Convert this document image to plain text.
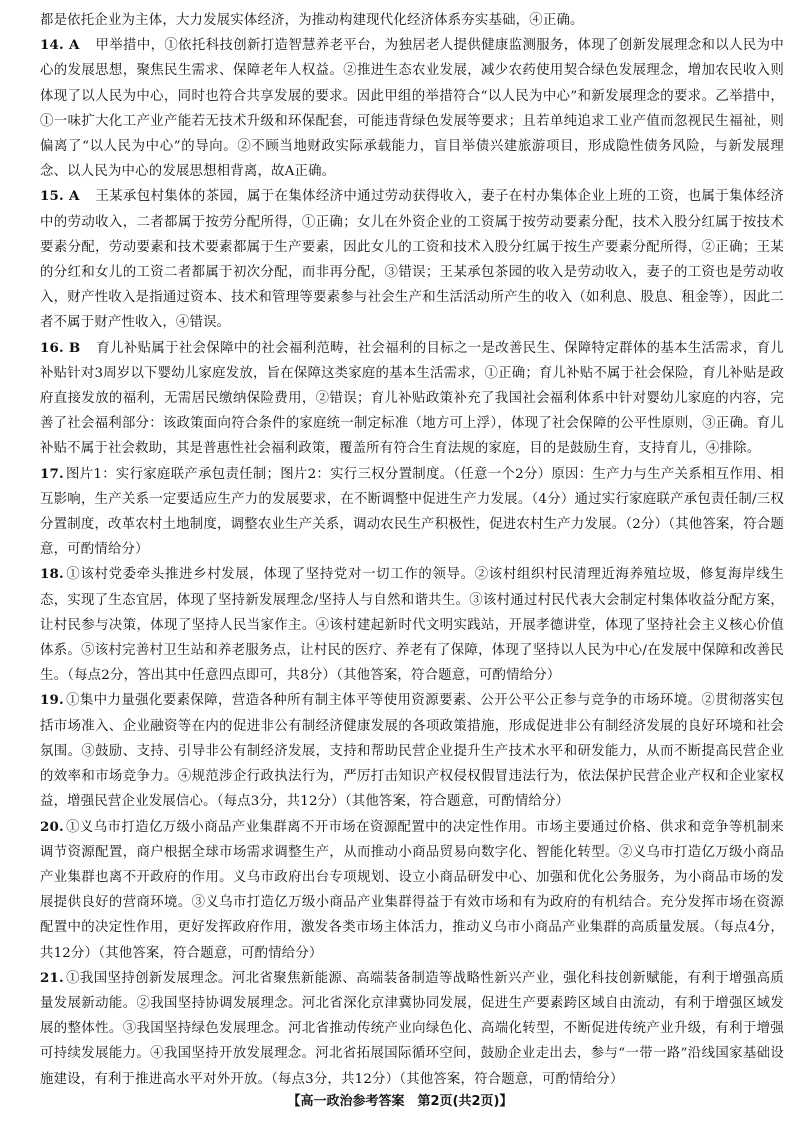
都是依托企业为主体，大力发展实体经济，为推动构建现代化经济体系夯实基础，④正确。

14. A　 甲举措中，①依托科技创新打造智慧养老平台，为独居老人提供健康监测服务，体现了创新发展理念和以人民为中心的发展思想，聚焦民生需求、保障老年人权益。②推进生态农业发展，减少农药使用契合绿色发展理念，增加农民收入则体现了以人民为中心，同时也符合共享发展的要求。因此甲组的举措符合“以人民为中心”和新发展理念的要求。乙举措中，①一味扩大化工产业产能若无技术升级和环保配套，可能违背绿色发展等要求；且若单纯追求工业产值而忽视民生福祉，则偏离了“以人民为中心”的导向。②不顾当地财政实际承载能力，盲目举债兴建旅游项目，形成隐性债务风险，与新发展理念、以人民为中心的发展思想相背离，故A正确。

15. A　 王某承包村集体的茶园，属于在集体经济中通过劳动获得收入，妻子在村办集体企业上班的工资，也属于集体经济中的劳动收入，二者都属于按劳分配所得，①正确；女儿在外资企业的工资属于按劳动要素分配，技术入股分红属于按技术要素分配，劳动要素和技术要素都属于生产要素，因此女儿的工资和技术入股分红属于按生产要素分配所得，②正确；王某的分红和女儿的工资二者都属于初次分配，而非再分配，③错误；王某承包茶园的收入是劳动收入，妻子的工资也是劳动收入，财产性收入是指通过资本、技术和管理等要素参与社会生产和生活活动所产生的收入（如利息、股息、租金等），因此二者不属于财产性收入，④错误。

16. B　 育儿补贴属于社会保障中的社会福利范畴，社会福利的目标之一是改善民生、保障特定群体的基本生活需求，育儿补贴针对3周岁以下婴幼儿家庭发放，旨在保障这类家庭的基本生活需求，①正确；育儿补贴不属于社会保险，育儿补贴是政府直接发放的福利，无需居民缴纳保险费用，②错误；育儿补贴政策补充了我国社会福利体系中针对婴幼儿家庭的内容，完善了社会福利部分：该政策面向符合条件的家庭统一制定标准（地方可上浮），体现了社会保障的公平性原则，③正确。育儿补贴不属于社会救助，其是普惠性社会福利政策，覆盖所有符合生育法规的家庭，目的是鼓励生育，支持育儿，④排除。

17. 图片1：实行家庭联产承包责任制；图片2：实行三权分置制度。（任意一个2分）原因：生产力与生产关系相互作用、相互影响，生产关系一定要适应生产力的发展要求，在不断调整中促进生产力发展。（4分）通过实行家庭联产承包责任制/三权分置制度，改革农村土地制度，调整农业生产关系，调动农民生产积极性，促进农村生产力发展。（2分）（其他答案，符合题意，可酌情给分）

18. ①该村党委牵头推进乡村发展，体现了坚持党对一切工作的领导。②该村组织村民清理近海养殖垃圾，修复海岸线生态，实现了生态宜居，体现了坚持新发展理念/坚持人与自然和谐共生。③该村通过村民代表大会制定村集体收益分配方案，让村民参与决策，体现了坚持人民当家作主。④该村建起新时代文明实践站，开展孝德讲堂，体现了坚持社会主义核心价值体系。⑤该村完善村卫生站和养老服务点，让村民的医疗、养老有了保障，体现了坚持以人民为中心/在发展中保障和改善民生。（每点2分，答出其中任意四点即可，共8分）（其他答案，符合题意，可酌情给分）

19. ①集中力量强化要素保障，营造各种所有制主体平等使用资源要素、公开公平公正参与竞争的市场环境。②贯彻落实包括市场准入、企业融资等在内的促进非公有制经济健康发展的各项政策措施，形成促进非公有制经济发展的良好环境和社会氛围。③鼓励、支持、引导非公有制经济发展，支持和帮助民营企业提升生产技术水平和研发能力，从而不断提高民营企业的效率和市场竞争力。④规范涉企行政执法行为，严厉打击知识产权侵权假冒违法行为，依法保护民营企业产权和企业家权益，增强民营企业发展信心。（每点3分，共12分）（其他答案，符合题意，可酌情给分）

20. ①义乌市打造亿万级小商品产业集群离不开市场在资源配置中的决定性作用。市场主要通过价格、供求和竞争等机制来调节资源配置，商户根据全球市场需求调整生产，从而推动小商品贸易向数字化、智能化转型。②义乌市打造亿万级小商品产业集群也离不开政府的作用。义乌市政府出台专项规划、设立小商品研发中心、加强和优化公务服务，为小商品市场的发展提供良好的营商环境。③义乌市打造亿万级小商品产业集群得益于有效市场和有为政府的有机结合。充分发挥市场在资源配置中的决定性作用，更好发挥政府作用，激发各类市场主体活力，推动义乌市小商品产业集群的高质量发展。（每点4分，共12分）（其他答案，符合题意，可酌情给分）

21. ①我国坚持创新发展理念。河北省聚焦新能源、高端装备制造等战略性新兴产业，强化科技创新赋能，有利于增强高质量发展新动能。②我国坚持协调发展理念。河北省深化京津冀协同发展，促进生产要素跨区域自由流动，有利于增强区域发展的整体性。③我国坚持绿色发展理念。河北省推动传统产业向绿色化、高端化转型，不断促进传统产业升级，有利于增强可持续发展能力。④我国坚持开放发展理念。河北省拓展国际循环空间，鼓励企业走出去，参与“一带一路”沿线国家基础设施建设，有利于推进高水平对外开放。（每点3分，共12分）（其他答案，符合题意，可酌情给分）

【高一政治参考答案　第2页(共2页)】
